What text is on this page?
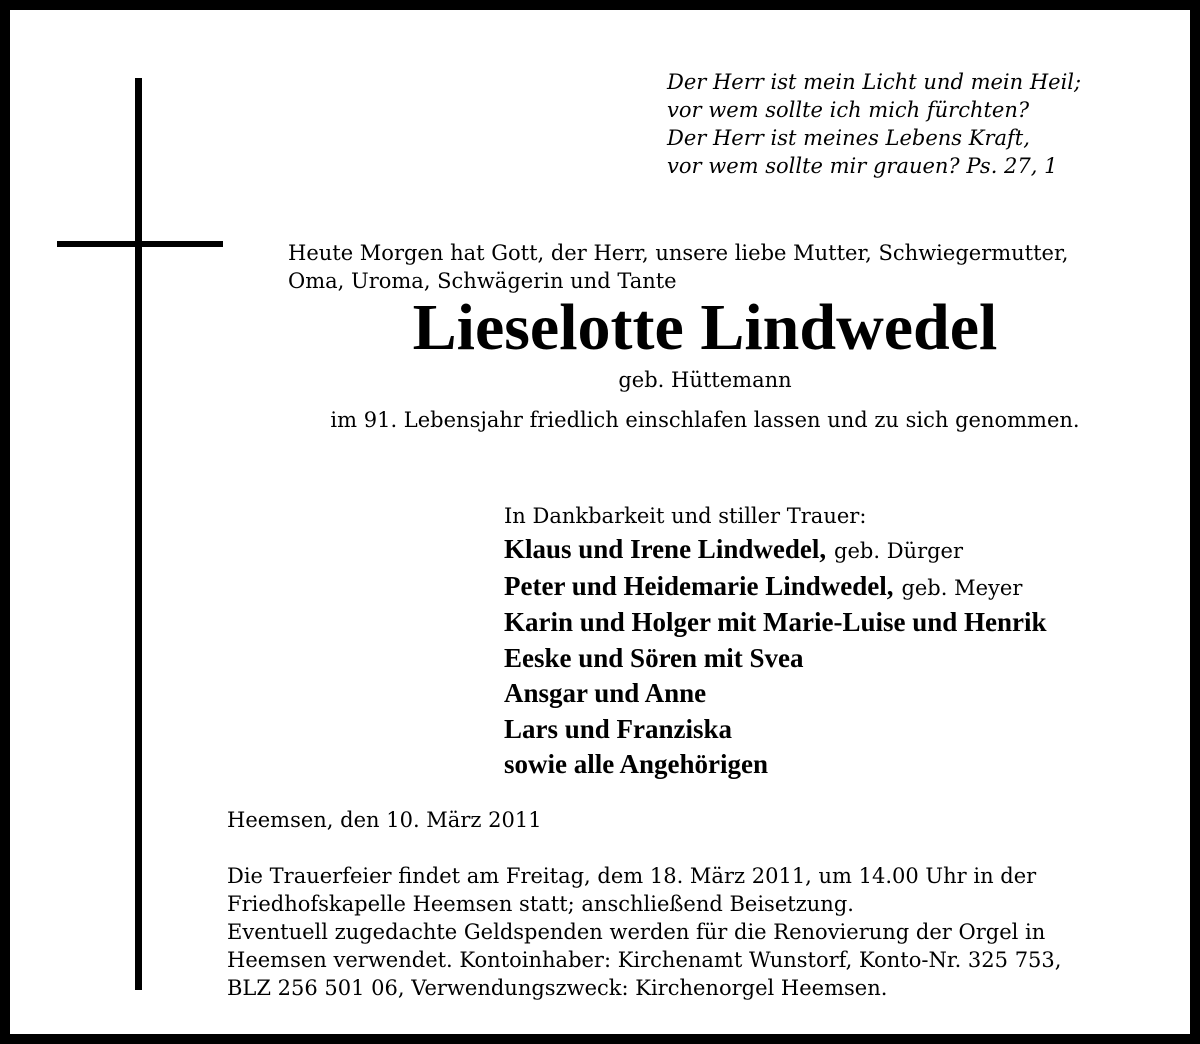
Der Herr ist mein Licht und mein Heil;
vor wem sollte ich mich fürchten?
Der Herr ist meines Lebens Kraft,
vor wem sollte mir grauen? Ps. 27, 1
Heute Morgen hat Gott, der Herr, unsere liebe Mutter, Schwiegermutter,
Oma, Uroma, Schwägerin und Tante
Lieselotte Lindwedel
geb. Hüttemann
im 91. Lebensjahr friedlich einschlafen lassen und zu sich genommen.
In Dankbarkeit und stiller Trauer:
Klaus und Irene Lindwedel, geb. Dürger
Peter und Heidemarie Lindwedel, geb. Meyer
Karin und Holger mit Marie-Luise und Henrik
Eeske und Sören mit Svea
Ansgar und Anne
Lars und Franziska
sowie alle Angehörigen
Heemsen, den 10. März 2011
Die Trauerfeier findet am Freitag, dem 18. März 2011, um 14.00 Uhr in der
Friedhofskapelle Heemsen statt; anschließend Beisetzung.
Eventuell zugedachte Geldspenden werden für die Renovierung der Orgel in
Heemsen verwendet. Kontoinhaber: Kirchenamt Wunstorf, Konto-Nr. 325 753,
BLZ 256 501 06, Verwendungszweck: Kirchenorgel Heemsen.
